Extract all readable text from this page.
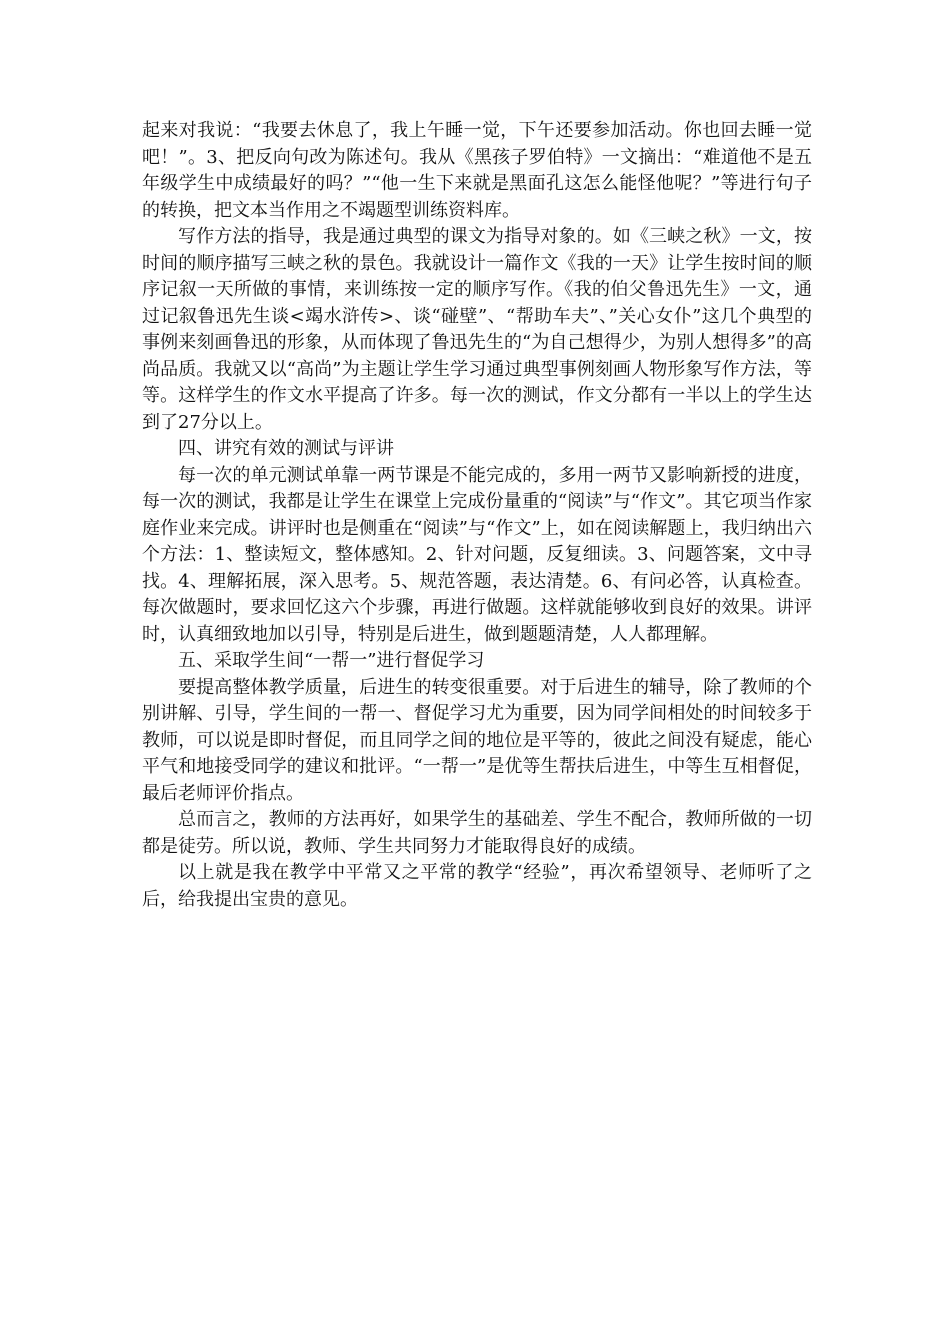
起来对我说：“我要去休息了，我上午睡一觉，下午还要参加活动。你也回去睡一觉吧！”。3、把反向句改为陈述句。我从《黑孩子罗伯特》一文摘出：“难道他不是五年级学生中成绩最好的吗？”“他一生下来就是黑面孔这怎么能怪他呢？”等进行句子的转换，把文本当作用之不竭题型训练资料库。

写作方法的指导，我是通过典型的课文为指导对象的。如《三峡之秋》一文，按时间的顺序描写三峡之秋的景色。我就设计一篇作文《我的一天》让学生按时间的顺序记叙一天所做的事情，来训练按一定的顺序写作。《我的伯父鲁迅先生》一文，通过记叙鲁迅先生谈<竭水浒传>、谈“碰壁”、“帮助车夫”、”关心女仆”这几个典型的事例来刻画鲁迅的形象，从而体现了鲁迅先生的“为自己想得少，为别人想得多”的高尚品质。我就又以“高尚”为主题让学生学习通过典型事例刻画人物形象写作方法，等等。这样学生的作文水平提高了许多。每一次的测试，作文分都有一半以上的学生达到了27分以上。

四、讲究有效的测试与评讲

每一次的单元测试单靠一两节课是不能完成的，多用一两节又影响新授的进度，每一次的测试，我都是让学生在课堂上完成份量重的“阅读”与“作文”。其它项当作家庭作业来完成。讲评时也是侧重在“阅读”与“作文”上，如在阅读解题上，我归纳出六个方法：1、整读短文，整体感知。2、针对问题，反复细读。3、问题答案，文中寻找。4、理解拓展，深入思考。5、规范答题，表达清楚。6、有问必答，认真检查。每次做题时，要求回忆这六个步骤，再进行做题。这样就能够收到良好的效果。讲评时，认真细致地加以引导，特别是后进生，做到题题清楚，人人都理解。

五、采取学生间“一帮一”进行督促学习

要提高整体教学质量，后进生的转变很重要。对于后进生的辅导，除了教师的个别讲解、引导，学生间的一帮一、督促学习尤为重要，因为同学间相处的时间较多于教师，可以说是即时督促，而且同学之间的地位是平等的，彼此之间没有疑虑，能心平气和地接受同学的建议和批评。“一帮一”是优等生帮扶后进生，中等生互相督促，最后老师评价指点。

总而言之，教师的方法再好，如果学生的基础差、学生不配合，教师所做的一切都是徒劳。所以说，教师、学生共同努力才能取得良好的成绩。

以上就是我在教学中平常又之平常的教学“经验”，再次希望领导、老师听了之后，给我提出宝贵的意见。
